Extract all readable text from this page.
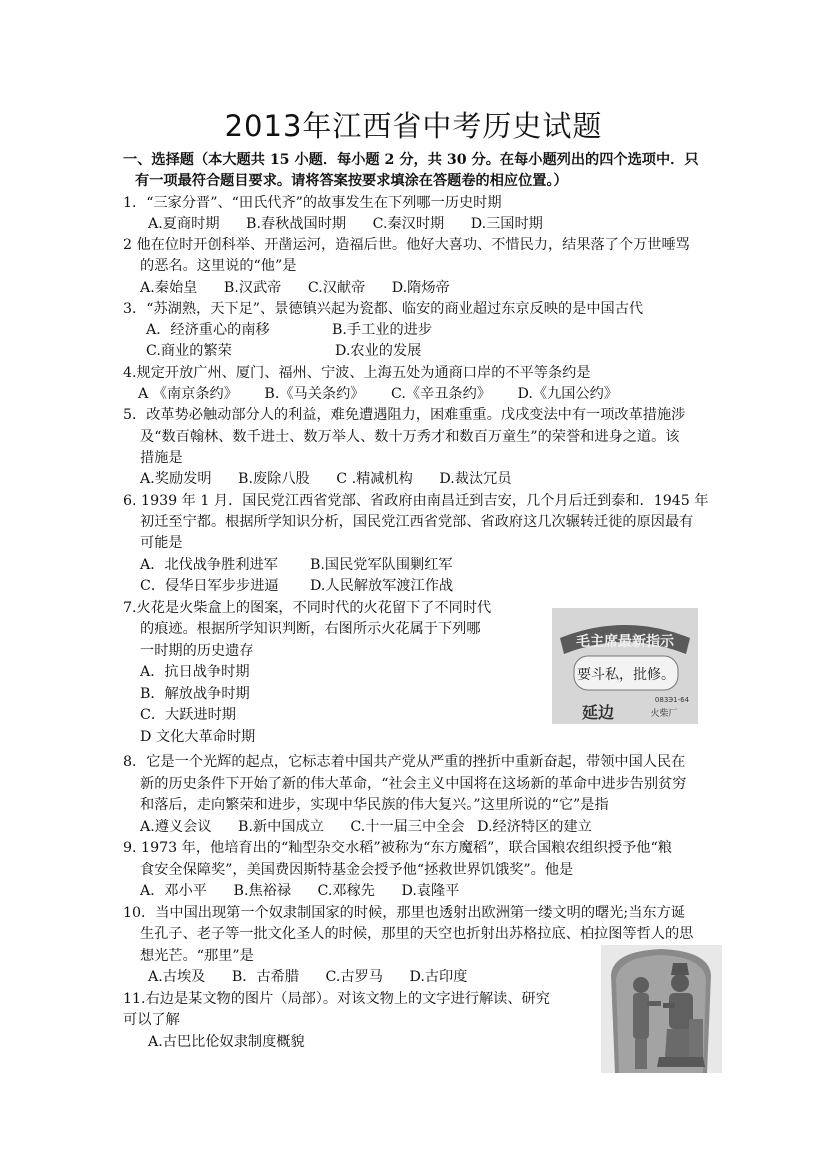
2013年江西省中考历史试题
一、选择题（本大题共 15 小题．每小题 2 分，共 30 分。在每小题列出的四个选项中．只
有一项最符合题目要求。请将答案按要求填涂在答题卷的相应位置。）
1．“三家分晋”、“田氏代齐”的故事发生在下列哪一历史时期
A.夏商时期 B.春秋战国时期 C.秦汉时期 D.三国时期
2 他在位时开创科举、开凿运河，造福后世。他好大喜功、不惜民力，结果落了个万世唾骂
的恶名。这里说的“他”是
A.秦始皇 B.汉武帝 C.汉献帝 D.隋炀帝
3．“苏湖熟，天下足”、景德镇兴起为瓷都、临安的商业超过东京反映的是中国古代
A．经济重心的南移	B.手工业的进步
C.商业的繁荣	D.农业的发展
4.规定开放广州、厦门、福州、宁波、上海五处为通商口岸的不平等条约是
A 《南京条约》 B.《马关条约》 C.《辛丑条约》 D.《九国公约》
5．改革势必触动部分人的利益，难免遭遇阻力，困难重重。戊戌变法中有一项改革措施涉
及“数百翰林、数千进士、数万举人、数十万秀才和数百万童生”的荣誉和进身之道。该
措施是
A.奖励发明 B.废除八股 C .精减机构 D.裁汰冗员
6. 1939 年 1 月．国民党江西省党部、省政府由南昌迁到吉安，几个月后迁到泰和．1945 年
初迁至宁都。根据所学知识分析，国民党江西省党部、省政府这几次辗转迁徙的原因最有
可能是
A．北伐战争胜利进军 B.国民党军队围剿红军
C．侵华日军步步进逼 D.人民解放军渡江作战
7.火花是火柴盒上的图案，不同时代的火花留下了不同时代
的痕迹。根据所学知识判断，右图所示火花属于下列哪
一时期的历史遗存
A．抗日战争时期
B．解放战争时期
C．大跃进时期
D 文化大革命时期
毛主席最新指示
要斗私，批修。
083Э1-64
延边	火柴厂
8．它是一个光辉的起点，它标志着中国共产党从严重的挫折中重新奋起，带领中国人民在
新的历史条件下开始了新的伟大革命，“社会主义中国将在这场新的革命中进步告别贫穷
和落后，走向繁荣和进步，实现中华民族的伟大复兴。”这里所说的“它”是指
A.遵义会议 B.新中国成立 C.十一届三中全会 D.经济特区的建立
9. 1973 年，他培育出的“籼型杂交水稻”被称为“东方魔稻”，联合国粮农组织授予他“粮
食安全保障奖”，美国费因斯特基金会授予他“拯救世界饥饿奖”。他是
A．邓小平 B.焦裕禄 C.邓稼先 D.袁隆平
10．当中国出现第一个奴隶制国家的时候，那里也透射出欧洲第一缕文明的曙光;当东方诞
生孔子、老子等一批文化圣人的时候，那里的天空也折射出苏格拉底、柏拉图等哲人的思
想光芒。“那里”是
A.古埃及 B．古希腊 C.古罗马 D.古印度
11.右边是某文物的图片（局部）。对该文物上的文字进行解读、研究
可以了解
A.古巴比伦奴隶制度概貌
